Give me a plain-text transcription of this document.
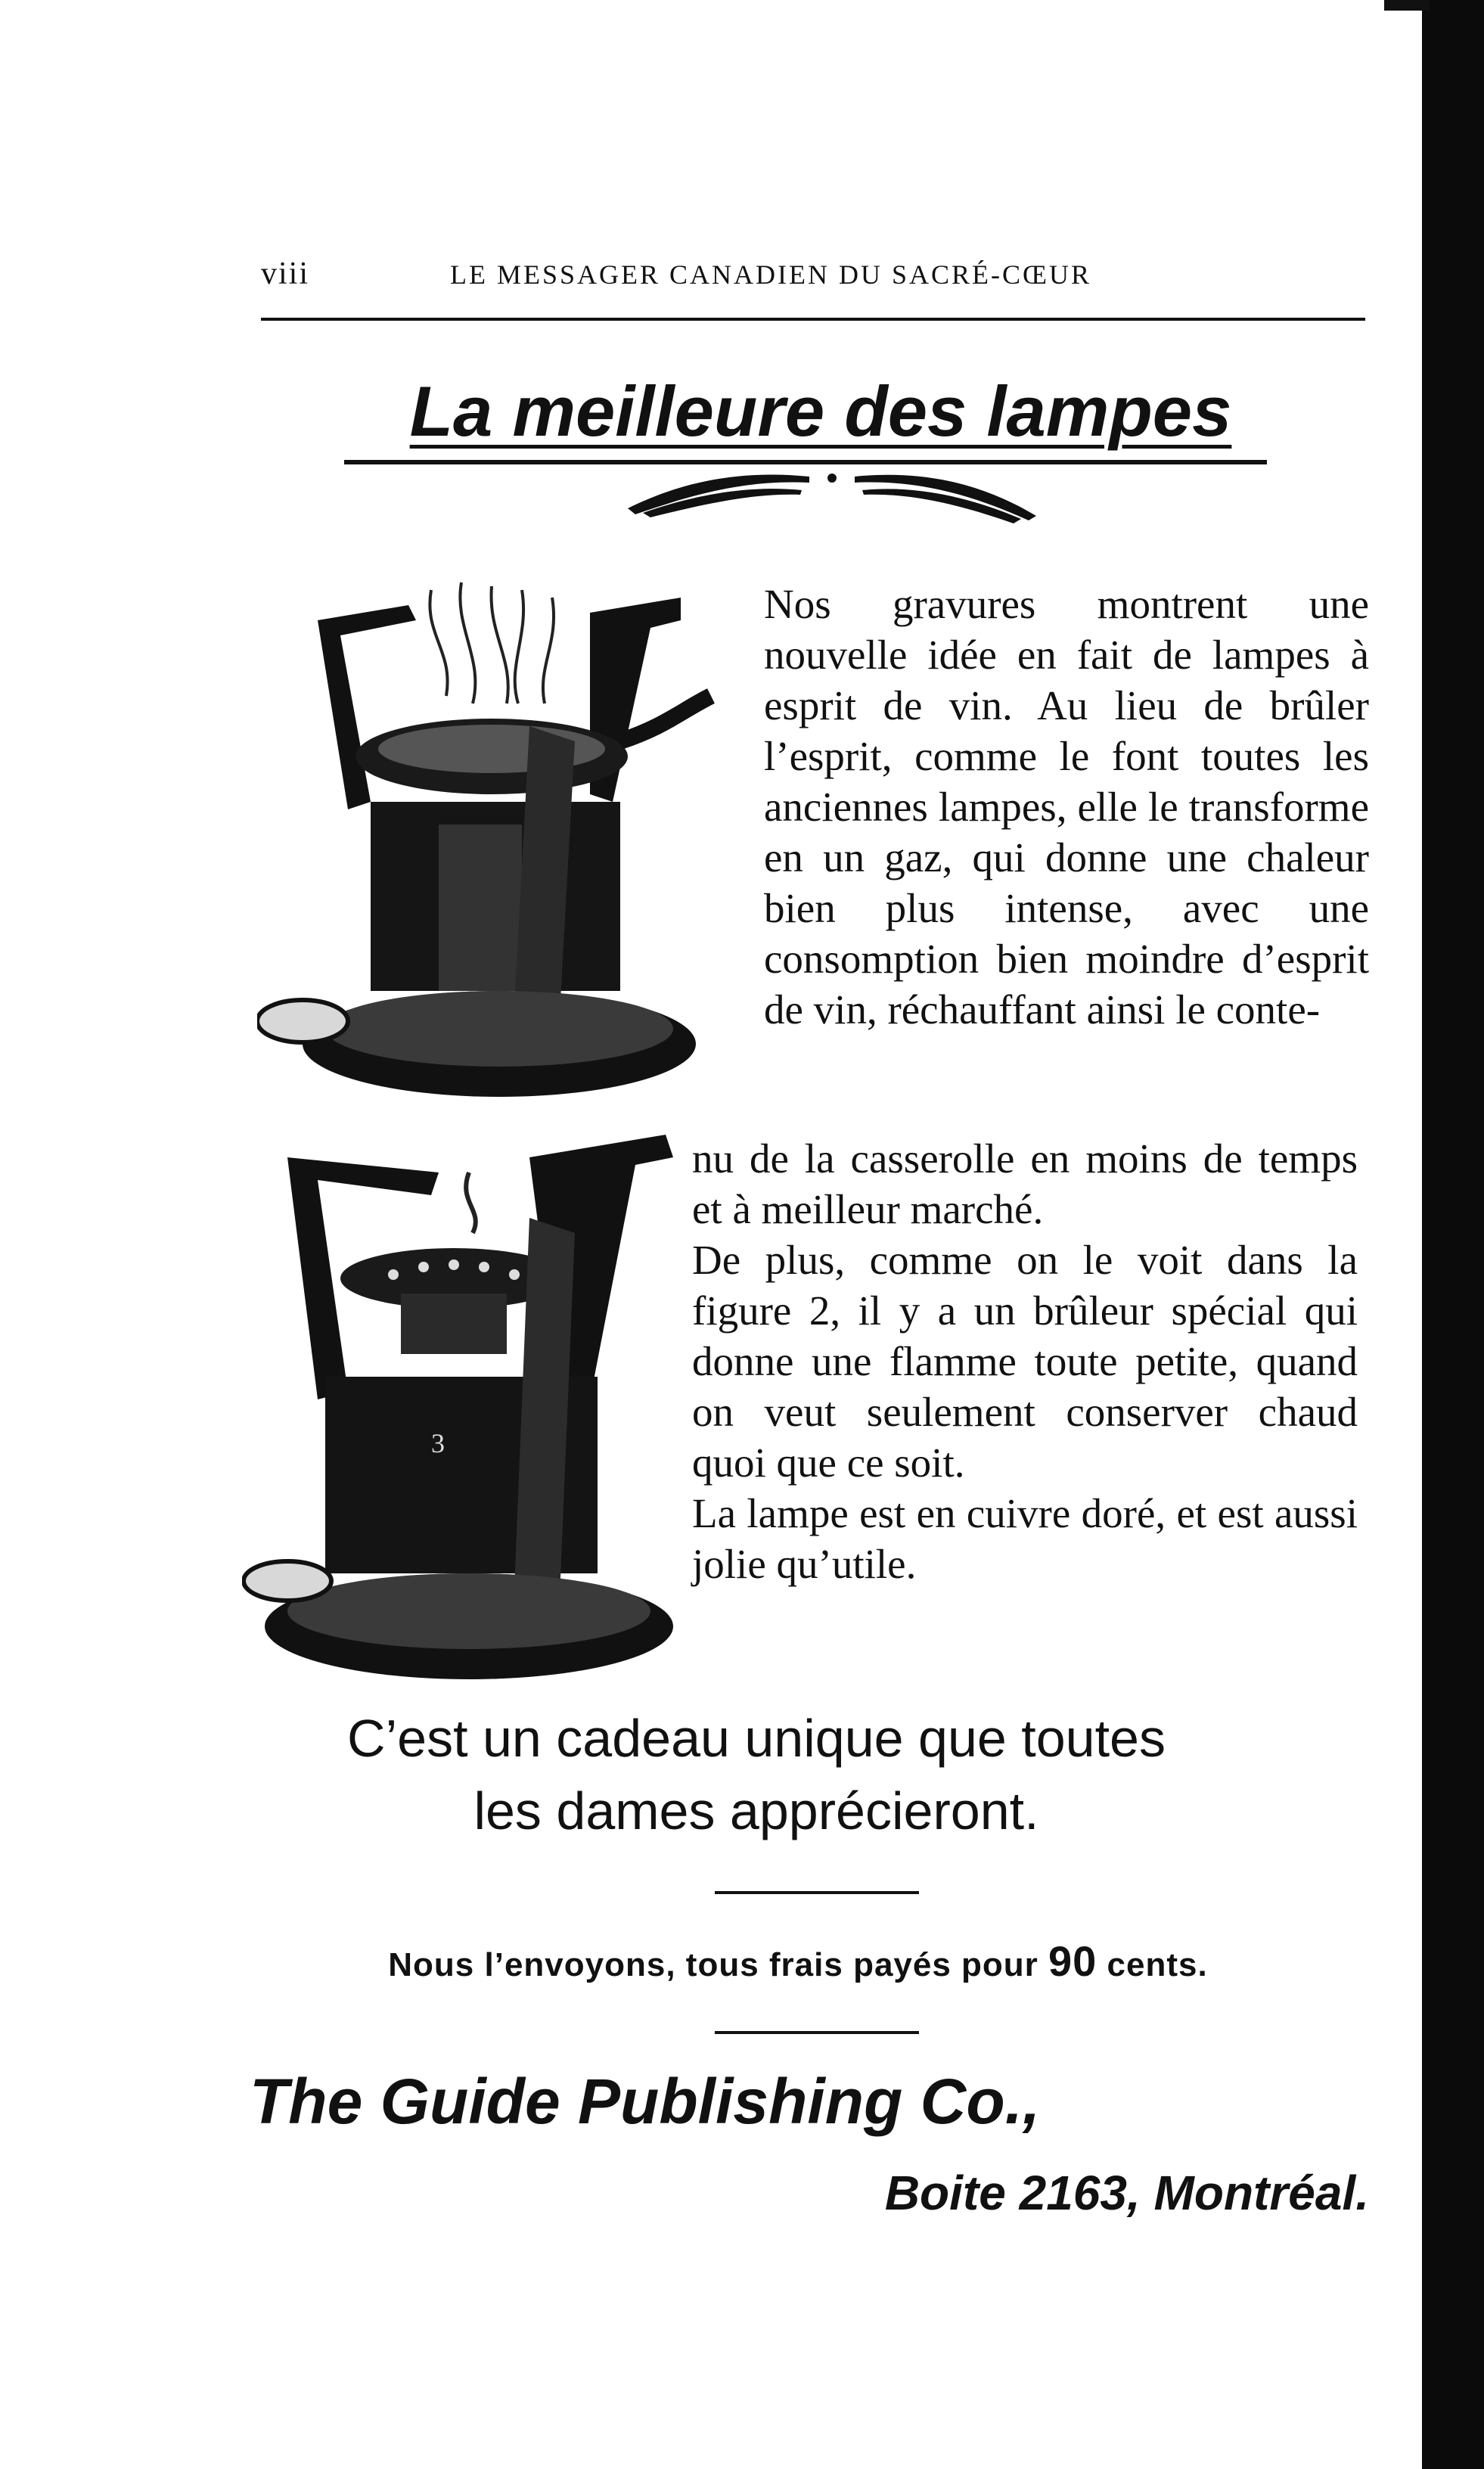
viii	LE MESSAGER CANADIEN DU SACRÉ-CŒUR
La meilleure des lampes
3

Nos gravures montrent une nouvelle idée en fait de lampes à esprit de vin. Au lieu de brûler l’esprit, comme le font toutes les anciennes lampes, elle le transforme en un gaz, qui donne une chaleur bien plus intense, avec une consomption bien moindre d’esprit de vin, réchauffant ainsi le conte-

nu de la casserolle en moins de temps et à meilleur marché.

De plus, comme on le voit dans la figure 2, il y a un brûleur spécial qui donne une flamme toute petite, quand on veut seulement conserver chaud quoi que ce soit.

La lampe est en cuivre doré, et est aussi jolie qu’utile.

C’est un cadeau unique que toutes
les dames apprécieront.
Nous l’envoyons, tous frais payés pour 90 cents.
The Guide Publishing Co.,
Boite 2163, Montréal.
